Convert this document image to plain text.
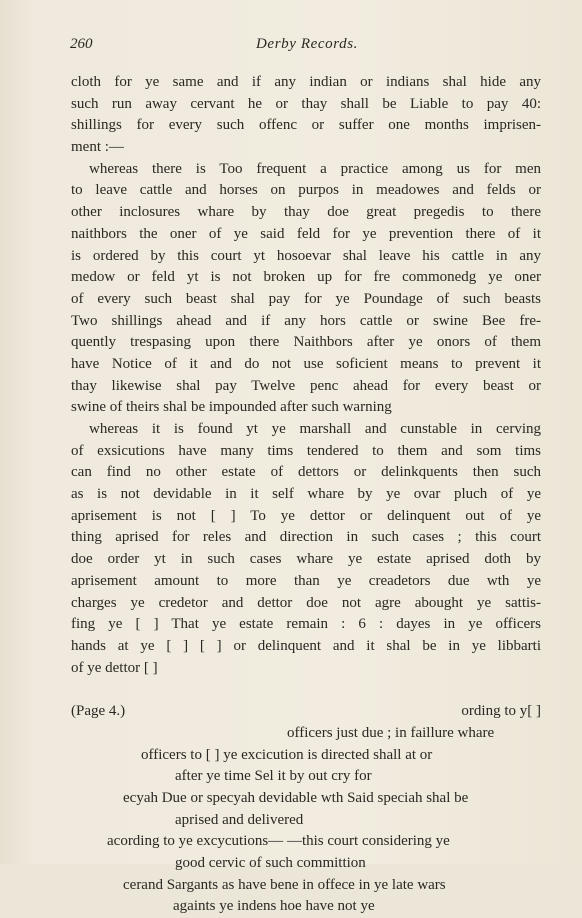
260	Derby Records.
cloth for ye same and if any indian or indians shal hide any
such run away cervant he or thay shall be Liable to pay 40:
shillings for every such offenc or suffer one months imprisen-
ment :—
whereas there is Too frequent a practice among us for men
to leave cattle and horses on purpos in meadowes and felds or
other inclosures whare by thay doe great pregedis to there
naithbors the oner of ye said feld for ye prevention there of it
is ordered by this court yt hosoevar shal leave his cattle in any
medow or feld yt is not broken up for fre commonedg ye oner
of every such beast shal pay for ye Poundage of such beasts
Two shillings ahead and if any hors cattle or swine Bee fre-
quently trespasing upon there Naithbors after ye onors of them
have Notice of it and do not use soficient means to prevent it
thay likewise shal pay Twelve penc ahead for every beast or
swine of theirs shal be impounded after such warning
whereas it is found yt ye marshall and cunstable in cerving
of exsicutions have many tims tendered to them and som tims
can find no other estate of dettors or delinkquents then such
as is not devidable in it self whare by ye ovar pluch of ye
aprisement is not [ ] To ye dettor or delinquent out of ye
thing aprised for reles and direction in such cases ; this court
doe order yt in such cases whare ye estate aprised doth by
aprisement amount to more than ye creadetors due wth ye
charges ye credetor and dettor doe not agre abought ye sattis-
fing ye [ ] That ye estate remain : 6 : dayes in ye officers
hands at ye [ ] [ ] or delinquent and it shal be in ye libbarti
of ye dettor [ ]
(Page 4.)	ording to y[ ]
officers just due ; in faillure whare
officers to [ ] ye excicution is directed shall at or
after ye time Sel it by out cry for
ecyah Due or specyah devidable wth Said speciah shal be
aprised and delivered
acording to ye excycutions— —this court considering ye
good cervic of such committion
cerand Sargants as have bene in offece in ye late wars
againts ye indens hoe have not ye
